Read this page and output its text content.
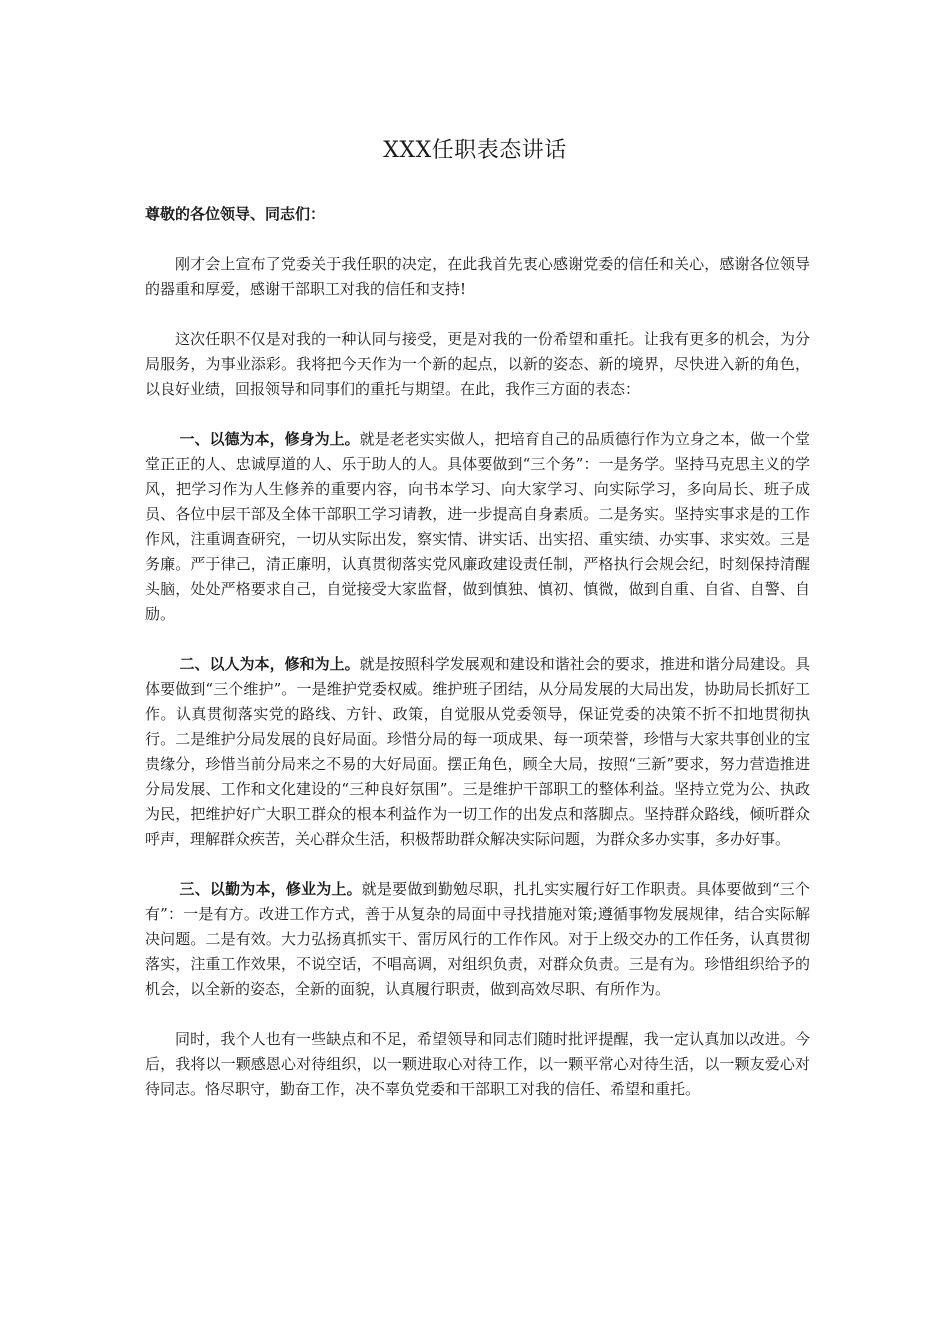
XXX任职表态讲话

尊敬的各位领导、同志们：

刚才会上宣布了党委关于我任职的决定，在此我首先衷心感谢党委的信任和关心，感谢各位领导的器重和厚爱，感谢干部职工对我的信任和支持!

这次任职不仅是对我的一种认同与接受，更是对我的一份希望和重托。让我有更多的机会，为分局服务，为事业添彩。我将把今天作为一个新的起点，以新的姿态、新的境界，尽快进入新的角色，以良好业绩，回报领导和同事们的重托与期望。在此，我作三方面的表态：

一、以德为本，修身为上。就是老老实实做人，把培育自己的品质德行作为立身之本，做一个堂堂正正的人、忠诚厚道的人、乐于助人的人。具体要做到“三个务”：一是务学。坚持马克思主义的学风，把学习作为人生修养的重要内容，向书本学习、向大家学习、向实际学习，多向局长、班子成员、各位中层干部及全体干部职工学习请教，进一步提高自身素质。二是务实。坚持实事求是的工作作风，注重调查研究，一切从实际出发，察实情、讲实话、出实招、重实绩、办实事、求实效。三是务廉。严于律己，清正廉明，认真贯彻落实党风廉政建设责任制，严格执行会规会纪，时刻保持清醒头脑，处处严格要求自己，自觉接受大家监督，做到慎独、慎初、慎微，做到自重、自省、自警、自励。

二、以人为本，修和为上。就是按照科学发展观和建设和谐社会的要求，推进和谐分局建设。具体要做到“三个维护”。一是维护党委权威。维护班子团结，从分局发展的大局出发，协助局长抓好工作。认真贯彻落实党的路线、方针、政策，自觉服从党委领导，保证党委的决策不折不扣地贯彻执行。二是维护分局发展的良好局面。珍惜分局的每一项成果、每一项荣誉，珍惜与大家共事创业的宝贵缘分，珍惜当前分局来之不易的大好局面。摆正角色，顾全大局，按照“三新”要求，努力营造推进分局发展、工作和文化建设的“三种良好氛围”。三是维护干部职工的整体利益。坚持立党为公、执政为民，把维护好广大职工群众的根本利益作为一切工作的出发点和落脚点。坚持群众路线，倾听群众呼声，理解群众疾苦，关心群众生活，积极帮助群众解决实际问题，为群众多办实事，多办好事。

三、以勤为本，修业为上。就是要做到勤勉尽职，扎扎实实履行好工作职责。具体要做到“三个有”：一是有方。改进工作方式，善于从复杂的局面中寻找措施对策;遵循事物发展规律，结合实际解决问题。二是有效。大力弘扬真抓实干、雷厉风行的工作作风。对于上级交办的工作任务，认真贯彻落实，注重工作效果，不说空话，不唱高调，对组织负责，对群众负责。三是有为。珍惜组织给予的机会，以全新的姿态，全新的面貌，认真履行职责，做到高效尽职、有所作为。

同时，我个人也有一些缺点和不足，希望领导和同志们随时批评提醒，我一定认真加以改进。今后，我将以一颗感恩心对待组织，以一颗进取心对待工作，以一颗平常心对待生活，以一颗友爱心对待同志。恪尽职守，勤奋工作，决不辜负党委和干部职工对我的信任、希望和重托。
